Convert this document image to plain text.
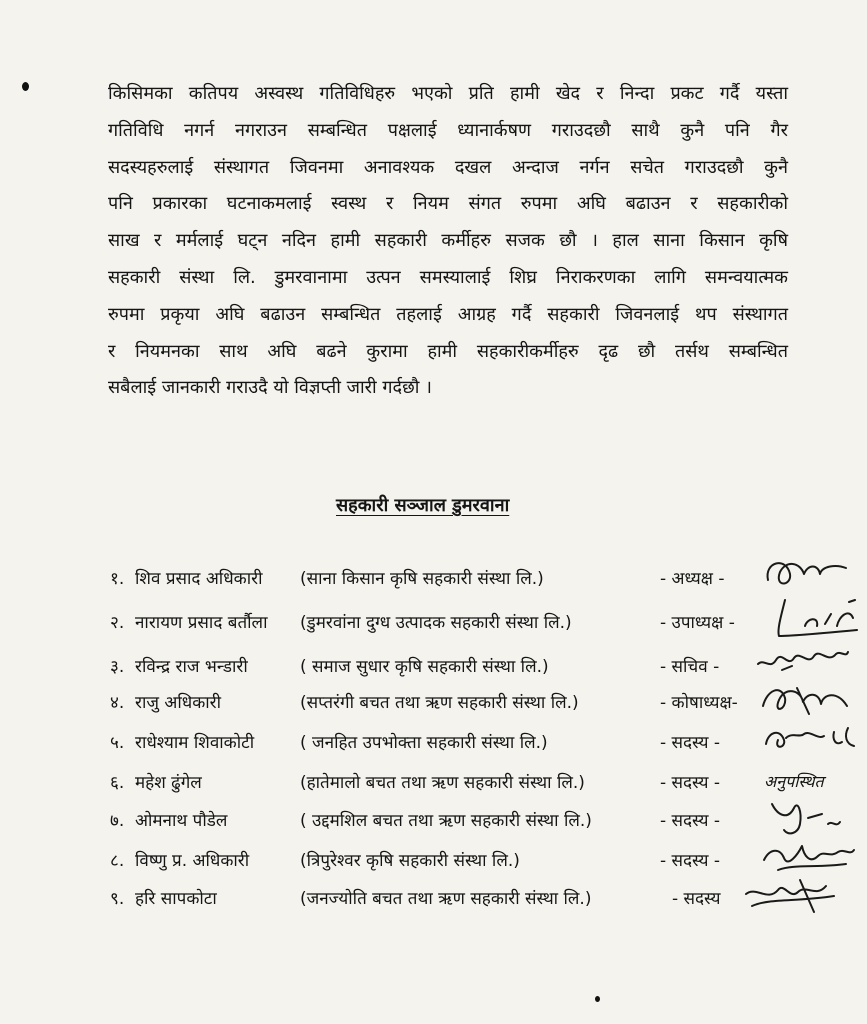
किसिमका कतिपय अस्वस्थ गतिविधिहरु भएको प्रति हामी खेद र निन्दा प्रकट गर्दै यस्ता
गतिविधि नगर्न नगराउन सम्बन्धित पक्षलाई ध्यानार्कषण गराउदछौ साथै कुनै पनि गैर
सदस्यहरुलाई संस्थागत जिवनमा अनावश्यक दखल अन्दाज नर्गन सचेत गराउदछौ कुनै
पनि प्रकारका घटनाकमलाई स्वस्थ र नियम संगत रुपमा अघि बढाउन र सहकारीको
साख र मर्मलाई घट्न नदिन हामी सहकारी कर्मीहरु सजक छौ । हाल साना किसान कृषि
सहकारी संस्था लि. डुमरवानामा उत्पन समस्यालाई शिघ्र निराकरणका लागि समन्वयात्मक
रुपमा प्रकृया अघि बढाउन सम्बन्धित तहलाई आग्रह गर्दै सहकारी जिवनलाई थप संस्थागत
र नियमनका साथ अघि बढने कुरामा हामी सहकारीकर्मीहरु दृढ छौ तर्सथ सम्बन्धित
सबैलाई जानकारी गराउदै यो विज्ञप्ती जारी गर्दछौ ।
सहकारी सञ्जाल डुमरवाना
१. शिव प्रसाद अधिकारी (साना किसान कृषि सहकारी संस्था लि.)	- अध्यक्ष -
२. नारायण प्रसाद बर्तौला (डुमरवांना दुग्ध उत्पादक सहकारी संस्था लि.)	- उपाध्यक्ष -
३. रविन्द्र राज भन्डारी	( समाज सुधार कृषि सहकारी संस्था लि.)	- सचिव -
४. राजु अधिकारी	(सप्तरंगी बचत तथा ऋण सहकारी संस्था लि.)	- कोषाध्यक्ष-
५. राधेश्याम शिवाकोटी	( जनहित उपभोक्ता सहकारी संस्था लि.)	- सदस्य -
६. महेश ढुंगेल	(हातेमालो बचत तथा ऋण सहकारी संस्था लि.)	- सदस्य -	अनुपस्थित
७. ओमनाथ पौडेल	( उद्दमशिल बचत तथा ऋण सहकारी संस्था लि.)	- सदस्य -
८. विष्णु प्र. अधिकारी	(त्रिपुरेश्वर कृषि सहकारी संस्था लि.)	- सदस्य -
९. हरि सापकोटा	(जनज्योति बचत तथा ऋण सहकारी संस्था लि.)	- सदस्य
